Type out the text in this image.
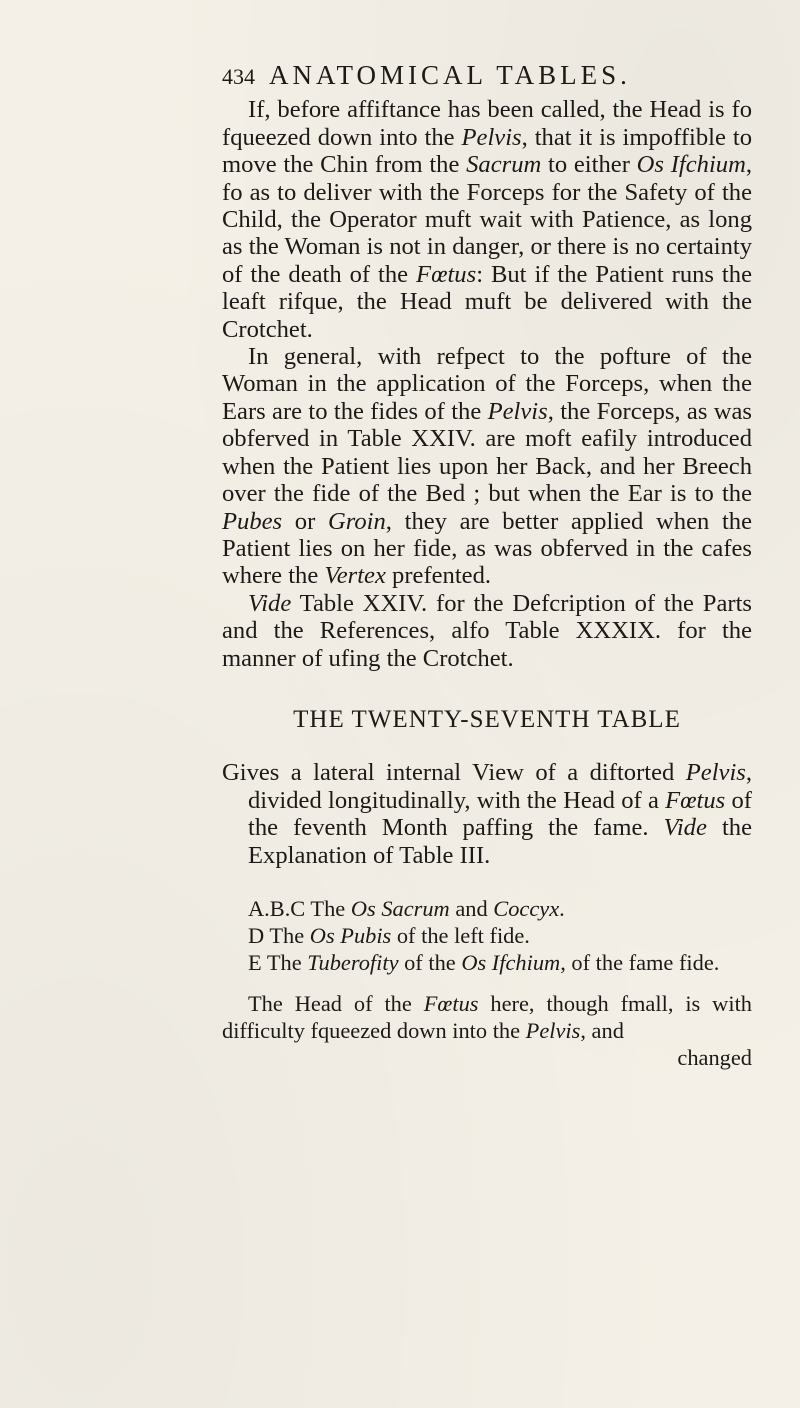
434 ANATOMICAL TABLES.

If, before affiftance has been called, the Head is fo fqueezed down into the Pelvis, that it is impoffible to move the Chin from the Sacrum to either Os Ifchium, fo as to deliver with the Forceps for the Safety of the Child, the Operator muft wait with Patience, as long as the Woman is not in danger, or there is no certainty of the death of the Fœtus: But if the Patient runs the leaft rifque, the Head muft be delivered with the Crotchet.

In general, with refpect to the pofture of the Woman in the application of the Forceps, when the Ears are to the fides of the Pelvis, the Forceps, as was obferved in Table XXIV. are moft eafily introduced when the Patient lies upon her Back, and her Breech over the fide of the Bed ; but when the Ear is to the Pubes or Groin, they are better applied when the Patient lies on her fide, as was obferved in the cafes where the Vertex prefented.

Vide Table XXIV. for the Defcription of the Parts and the References, alfo Table XXXIX. for the manner of ufing the Crotchet.

THE TWENTY-SEVENTH TABLE

Gives a lateral internal View of a diftorted Pelvis, divided longitudinally, with the Head of a Fœtus of the feventh Month paffing the fame. Vide the Explanation of Table III.

A.B.C The Os Sacrum and Coccyx.

D The Os Pubis of the left fide.

E The Tuberofity of the Os Ifchium, of the fame fide.

The Head of the Fœtus here, though fmall, is with difficulty fqueezed down into the Pelvis, and

changed
